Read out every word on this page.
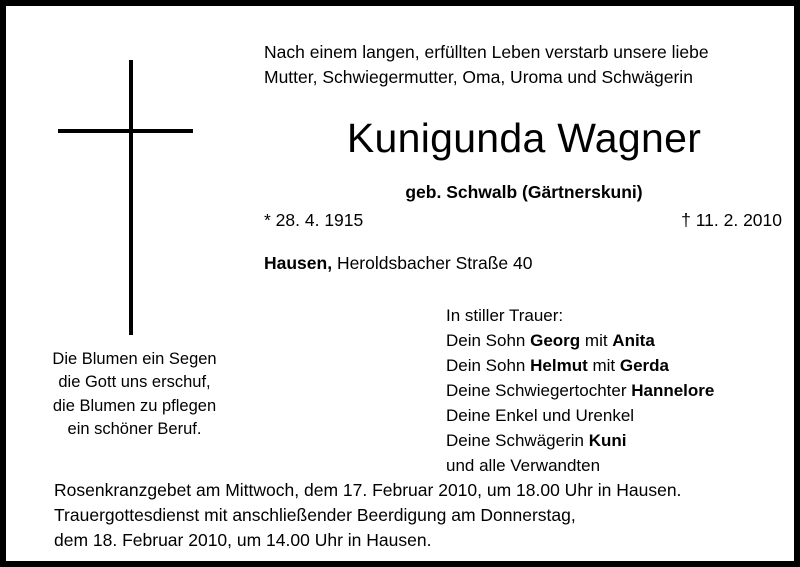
Die Blumen ein Segen
die Gott uns erschuf,
die Blumen zu pflegen
ein schöner Beruf.
Nach einem langen, erfüllten Leben verstarb unsere liebe
Mutter, Schwiegermutter, Oma, Uroma und Schwägerin
Kunigunda Wagner
geb. Schwalb (Gärtnerskuni)
* 28. 4. 1915	† 11. 2. 2010
Hausen, Heroldsbacher Straße 40
In stiller Trauer:
Dein Sohn Georg mit Anita
Dein Sohn Helmut mit Gerda
Deine Schwiegertochter Hannelore
Deine Enkel und Urenkel
Deine Schwägerin Kuni
und alle Verwandten
Rosenkranzgebet am Mittwoch, dem 17. Februar 2010, um 18.00 Uhr in Hausen.
Trauergottesdienst mit anschließender Beerdigung am Donnerstag,
dem 18. Februar 2010, um 14.00 Uhr in Hausen.
